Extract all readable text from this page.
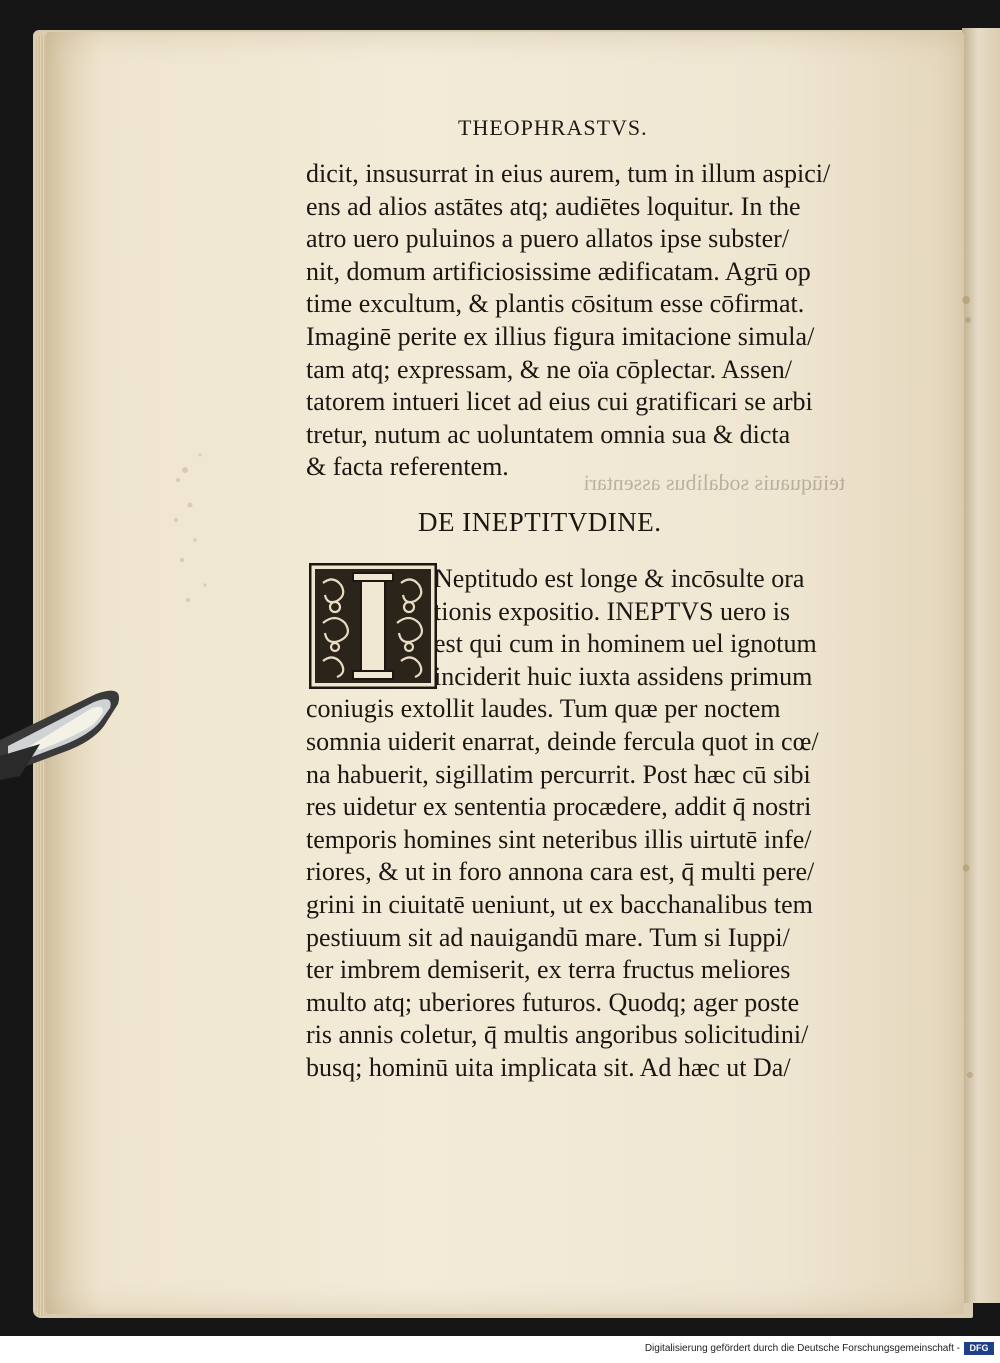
teiūquauis sodalibus assentari
THEOPHRASTVS.
dicit, insusurrat in eius aurem, tum in illum aspici/
ens ad alios astātes atq; audiētes loquitur. In the
atro uero puluinos a puero allatos ipse subster/
nit, domum artificiosissime ædificatam. Agrū op
time excultum, & plantis cōsitum esse cōfirmat.
Imaginē perite ex illius figura imitacione simula/
tam atq; expressam, & ne oïa cōplectar. Assen/
tatorem intueri licet ad eius cui gratificari se arbi
tretur, nutum ac uoluntatem omnia sua & dicta
& facta referentem.
DE INEPTITVDINE.
Neptitudo est longe & incōsulte ora
tionis expositio. INEPTVS uero is
est qui cum in hominem uel ignotum
inciderit huic iuxta assidens primum
coniugis extollit laudes. Tum quæ per noctem
somnia uiderit enarrat, deinde fercula quot in cœ/
na habuerit, sigillatim percurrit. Post hæc cū sibi
res uidetur ex sententia procædere, addit q̄ nostri
temporis homines sint neteribus illis uirtutē infe/
riores, & ut in foro annona cara est, q̄ multi pere/
grini in ciuitatē ueniunt, ut ex bacchanalibus tem
pestiuum sit ad nauigandū mare. Tum si Iuppi/
ter imbrem demiserit, ex terra fructus meliores
multo atq; uberiores futuros. Quodq; ager poste
ris annis coletur, q̄ multis angoribus solicitudini/
busq; hominū uita implicata sit. Ad hæc ut Da/
Digitalisierung gefördert durch die Deutsche Forschungsgemeinschaft -	DFG
